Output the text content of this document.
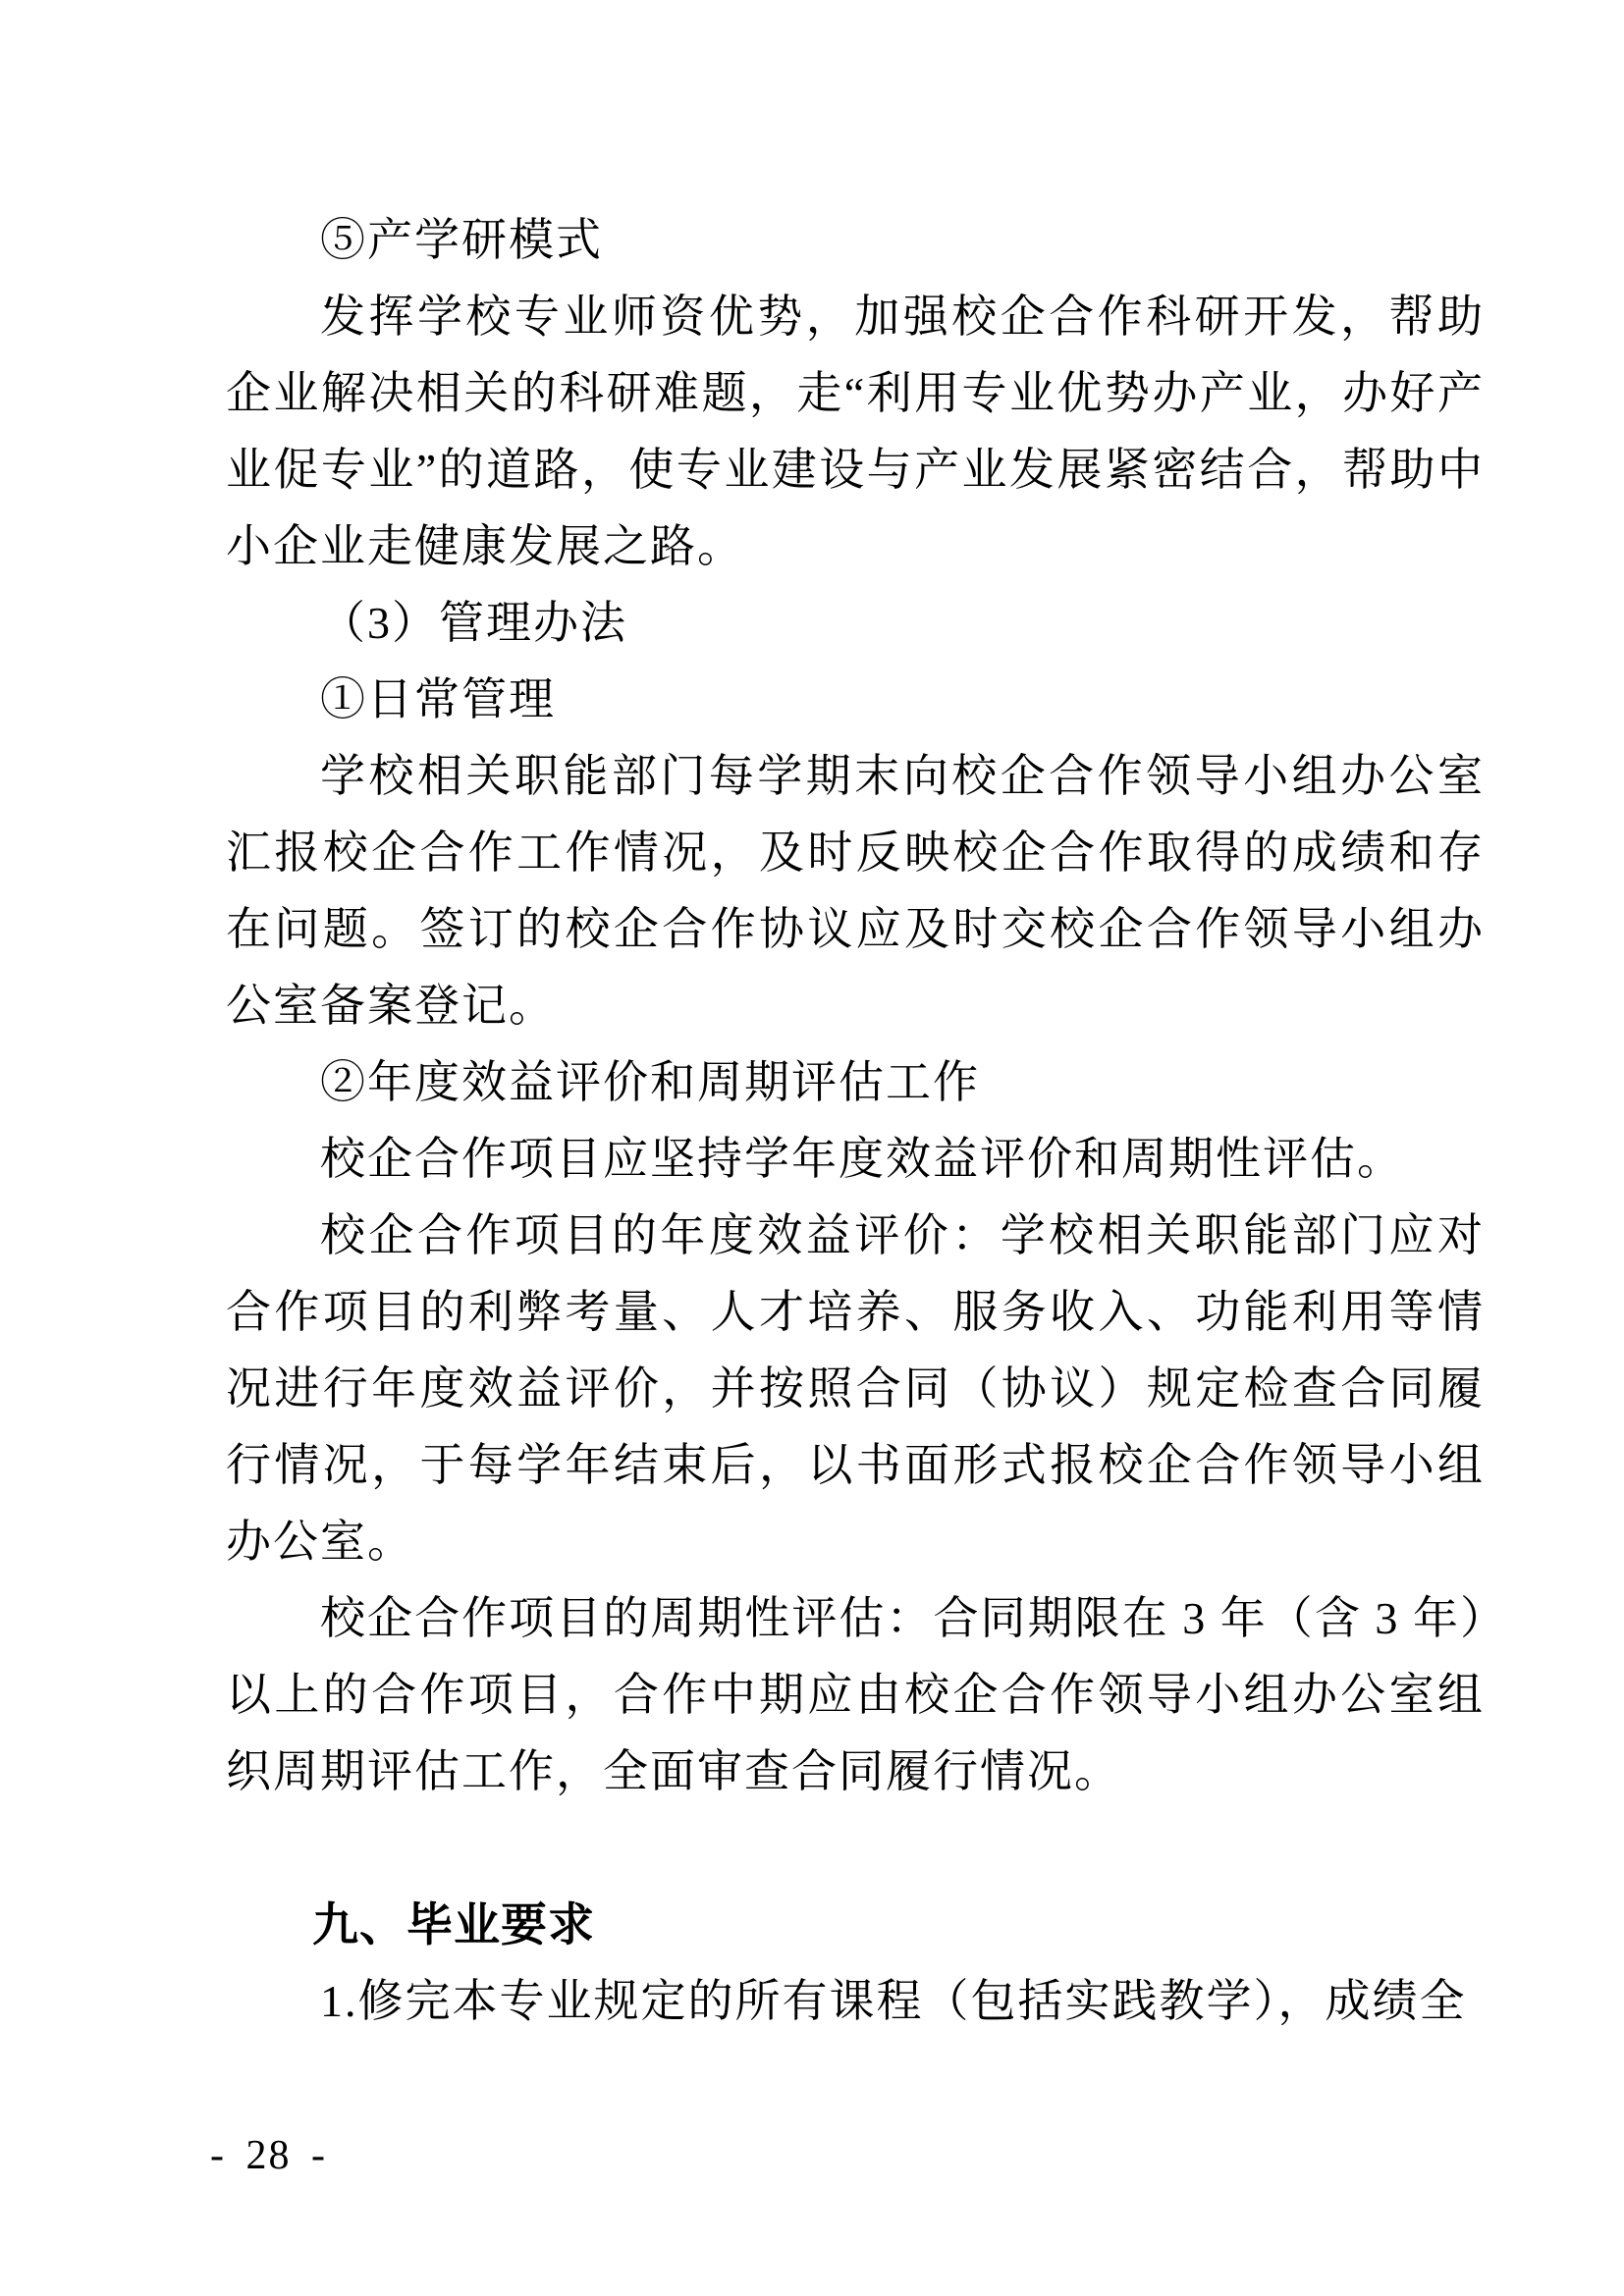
⑤产学研模式

发挥学校专业师资优势，加强校企合作科研开发，帮助企业解决相关的科研难题，走“利用专业优势办产业，办好产业促专业”的道路，使专业建设与产业发展紧密结合，帮助中小企业走健康发展之路。

（3）管理办法

①日常管理

学校相关职能部门每学期末向校企合作领导小组办公室汇报校企合作工作情况，及时反映校企合作取得的成绩和存在问题。签订的校企合作协议应及时交校企合作领导小组办公室备案登记。

②年度效益评价和周期评估工作

校企合作项目应坚持学年度效益评价和周期性评估。

校企合作项目的年度效益评价：学校相关职能部门应对合作项目的利弊考量、人才培养、服务收入、功能利用等情况进行年度效益评价，并按照合同（协议）规定检查合同履行情况，于每学年结束后，以书面形式报校企合作领导小组办公室。

校企合作项目的周期性评估：合同期限在 3 年（含 3 年）以上的合作项目，合作中期应由校企合作领导小组办公室组织周期评估工作，全面审查合同履行情况。

九、毕业要求

1.修完本专业规定的所有课程（包括实践教学），成绩全

- 28 -
